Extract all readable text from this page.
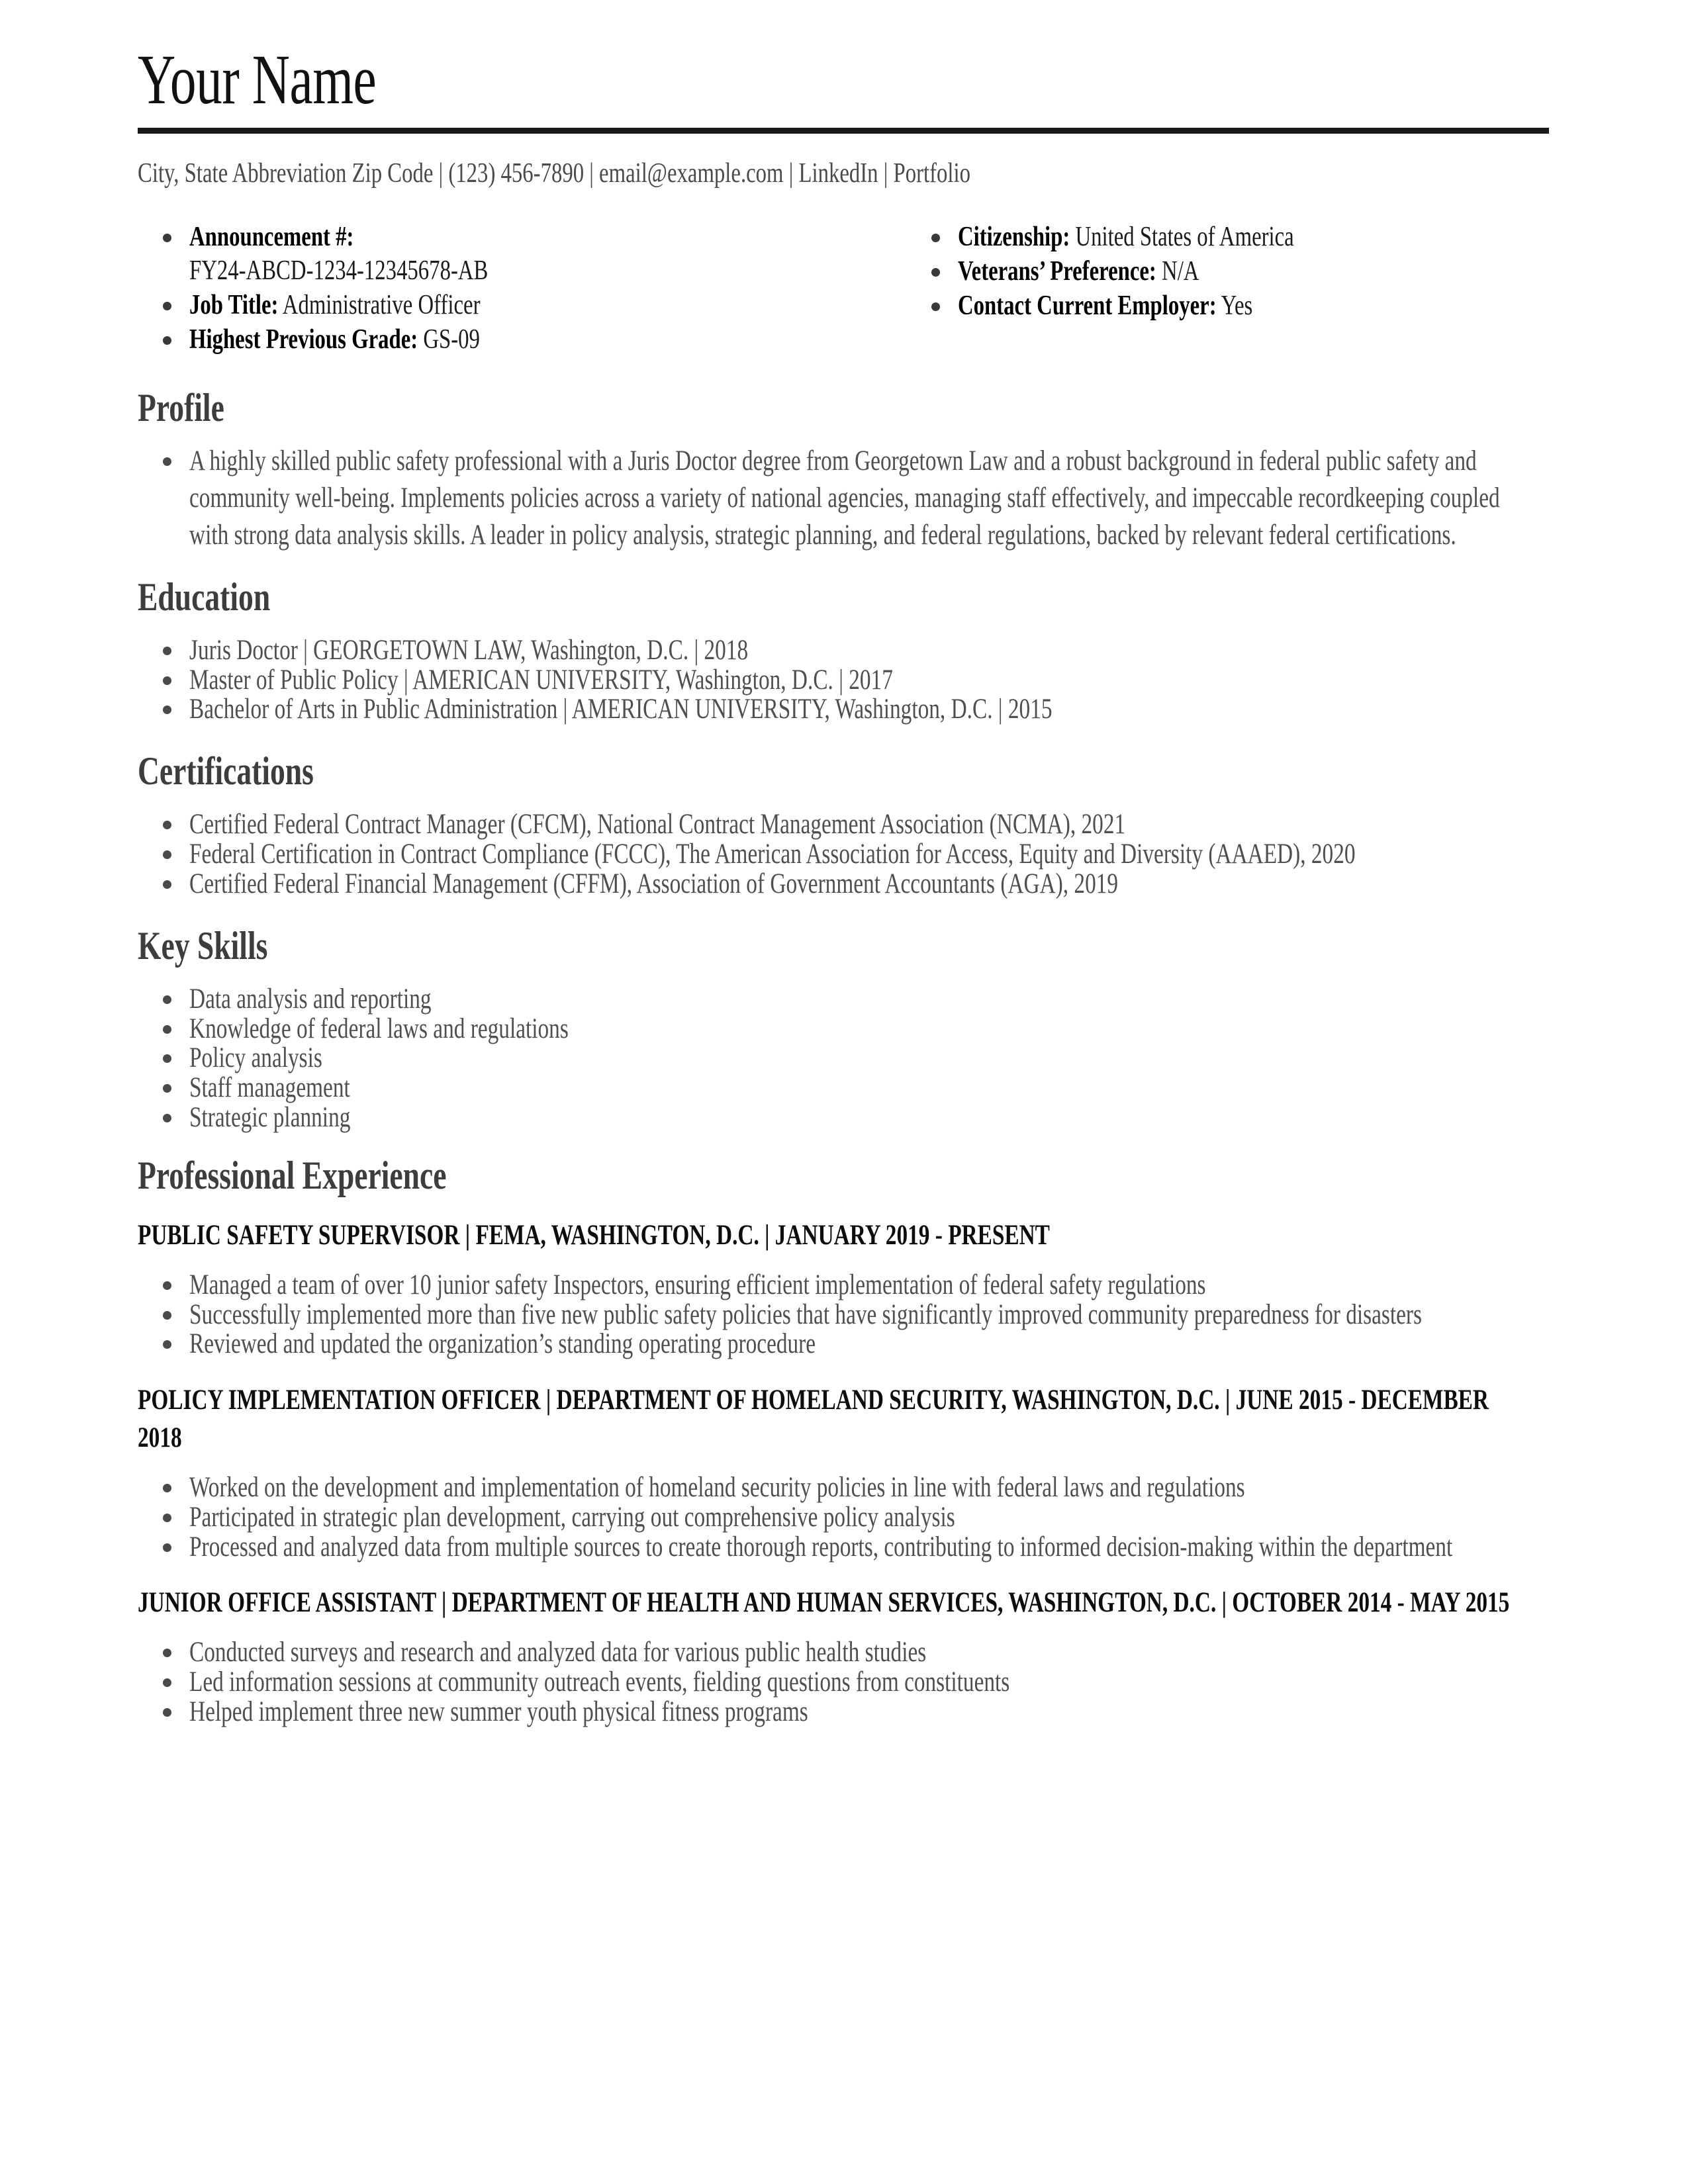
Your Name
City, State Abbreviation Zip Code | (123) 456-7890 | email@example.com | LinkedIn | Portfolio
Announcement #:
FY24-ABCD-1234-12345678-AB
Job Title: Administrative Officer
Highest Previous Grade: GS-09
Citizenship: United States of America
Veterans’ Preference: N/A
Contact Current Employer: Yes
Profile
A highly skilled public safety professional with a Juris Doctor degree from Georgetown Law and a robust background in federal public safety and community well-being. Implements policies across a variety of national agencies, managing staff effectively, and impeccable recordkeeping coupled with strong data analysis skills. A leader in policy analysis, strategic planning, and federal regulations, backed by relevant federal certifications.
Education
Juris Doctor | GEORGETOWN LAW, Washington, D.C. | 2018
Master of Public Policy | AMERICAN UNIVERSITY, Washington, D.C. | 2017
Bachelor of Arts in Public Administration | AMERICAN UNIVERSITY, Washington, D.C. | 2015
Certifications
Certified Federal Contract Manager (CFCM), National Contract Management Association (NCMA), 2021
Federal Certification in Contract Compliance (FCCC), The American Association for Access, Equity and Diversity (AAAED), 2020
Certified Federal Financial Management (CFFM), Association of Government Accountants (AGA), 2019
Key Skills
Data analysis and reporting
Knowledge of federal laws and regulations
Policy analysis
Staff management
Strategic planning
Professional Experience
PUBLIC SAFETY SUPERVISOR | FEMA, WASHINGTON, D.C. | JANUARY 2019 - PRESENT
Managed a team of over 10 junior safety Inspectors, ensuring efficient implementation of federal safety regulations
Successfully implemented more than five new public safety policies that have significantly improved community preparedness for disasters
Reviewed and updated the organization’s standing operating procedure
POLICY IMPLEMENTATION OFFICER | DEPARTMENT OF HOMELAND SECURITY, WASHINGTON, D.C. | JUNE 2015 - DECEMBER 2018
Worked on the development and implementation of homeland security policies in line with federal laws and regulations
Participated in strategic plan development, carrying out comprehensive policy analysis
Processed and analyzed data from multiple sources to create thorough reports, contributing to informed decision-making within the department
JUNIOR OFFICE ASSISTANT | DEPARTMENT OF HEALTH AND HUMAN SERVICES, WASHINGTON, D.C. | OCTOBER 2014 - MAY 2015
Conducted surveys and research and analyzed data for various public health studies
Led information sessions at community outreach events, fielding questions from constituents
Helped implement three new summer youth physical fitness programs
